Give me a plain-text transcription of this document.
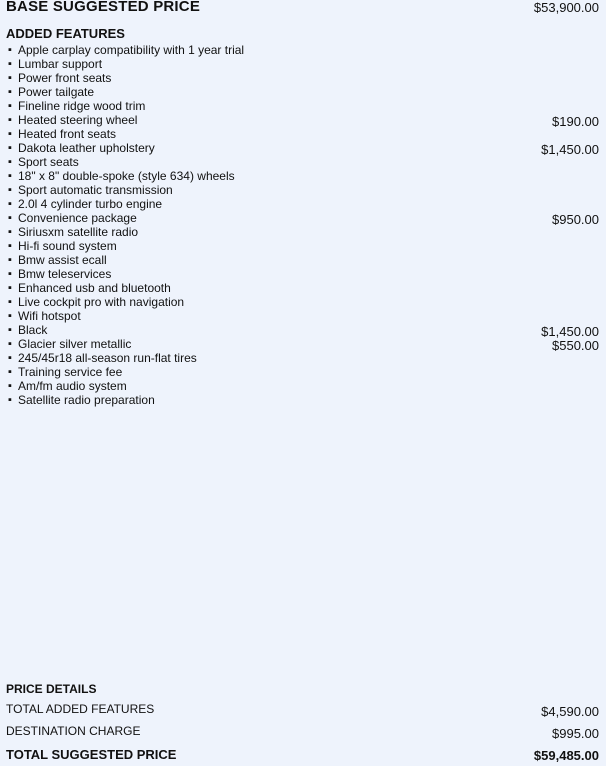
BASE SUGGESTED PRICE	$53,900.00
ADDED FEATURES
▪ Apple carplay compatibility with 1 year trial
▪ Lumbar support
▪ Power front seats
▪ Power tailgate
▪ Fineline ridge wood trim
▪ Heated steering wheel	$190.00
▪ Heated front seats
▪ Dakota leather upholstery	$1,450.00
▪ Sport seats
▪ 18" x 8" double-spoke (style 634) wheels
▪ Sport automatic transmission
▪ 2.0l 4 cylinder turbo engine
▪ Convenience package	$950.00
▪ Siriusxm satellite radio
▪ Hi-fi sound system
▪ Bmw assist ecall
▪ Bmw teleservices
▪ Enhanced usb and bluetooth
▪ Live cockpit pro with navigation
▪ Wifi hotspot
▪ Black	$1,450.00
▪ Glacier silver metallic	$550.00
▪ 245/45r18 all-season run-flat tires
▪ Training service fee
▪ Am/fm audio system
▪ Satellite radio preparation
PRICE DETAILS
TOTAL ADDED FEATURES	$4,590.00
DESTINATION CHARGE	$995.00
TOTAL SUGGESTED PRICE	$59,485.00
